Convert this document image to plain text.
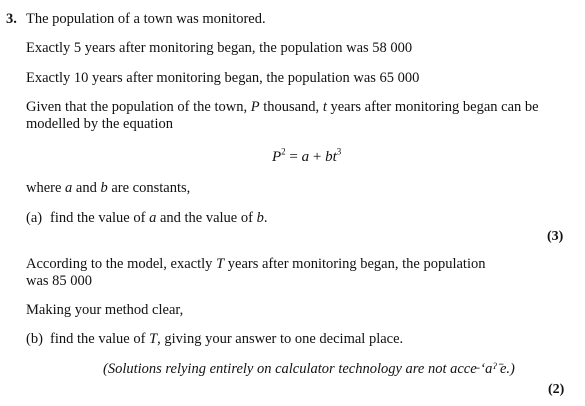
3. The population of a town was monitored.
Exactly 5 years after monitoring began, the population was 58 000
Exactly 10 years after monitoring began, the population was 65 000
Given that the population of the town, P thousand, t years after monitoring began can be modelled by the equation
$P^2 = a + bt^3$
where a and b are constants,
(a) find the value of a and the value of b.
(3)
According to the model, exactly T years after monitoring began, the population
was 85 000
Making your method clear,
(b) find the value of T, giving your answer to one decimal place.
(Solutions relying entirely on calculator technology are not acce̵ ʻaˀ ̄e.)
(2)
